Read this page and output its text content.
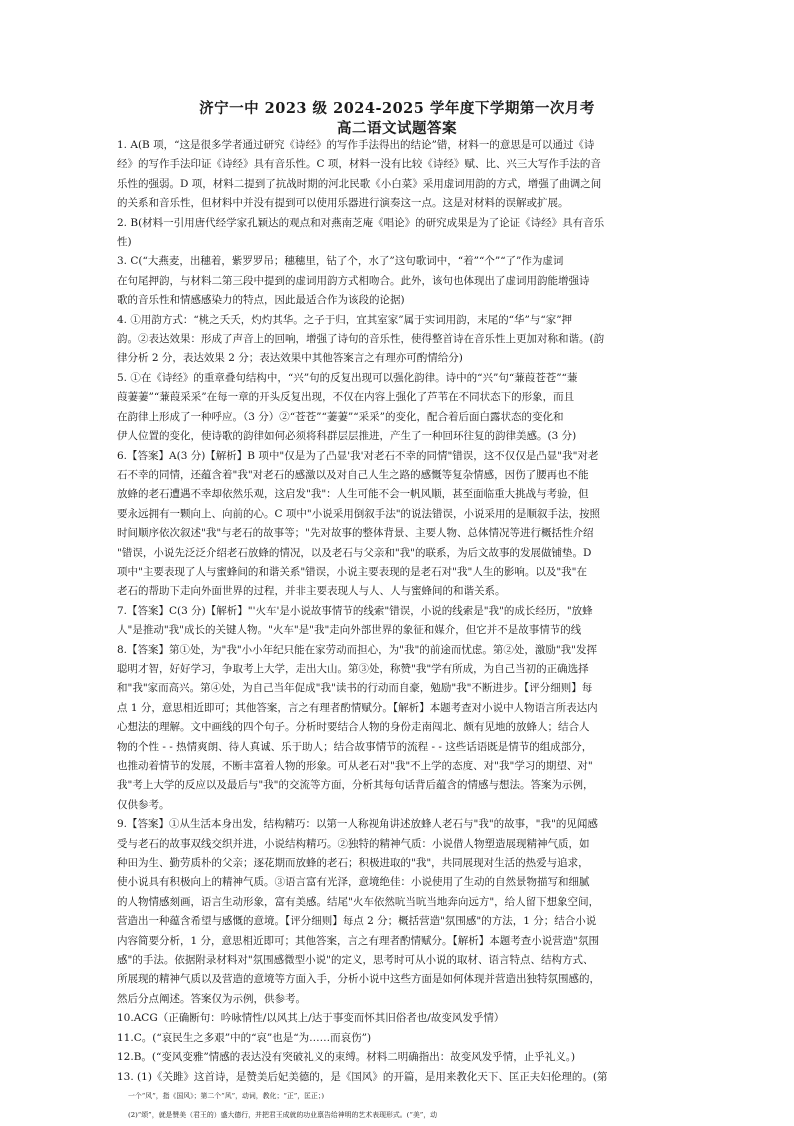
济宁一中 2023 级 2024-2025 学年度下学期第一次月考
高二语文试题答案
1. A(B 项，“这是很多学者通过研究《诗经》的写作手法得出的结论”错，材料一的意思是可以通过《诗
经》的写作手法印证《诗经》具有音乐性。C 项，材料一没有比较《诗经》赋、比、兴三大写作手法的音
乐性的强弱。D 项，材料二提到了抗战时期的河北民歌《小白菜》采用虚词用韵的方式，增强了曲调之间
的关系和音乐性，但材料中并没有提到可以使用乐器进行演奏这一点。这是对材料的误解或扩展。
2. B(材料一引用唐代经学家孔颖达的观点和对燕南芝庵《唱论》的研究成果是为了论证《诗经》具有音乐
性)
3. C(“大燕麦，出穗着，紫罗罗吊；穗穗里，钻了个，水了”这句歌词中，“着”“个”“了”作为虚词
在句尾押韵，与材料二第三段中提到的虚词用韵方式相吻合。此外，该句也体现出了虚词用韵能增强诗
歌的音乐性和情感感染力的特点，因此最适合作为该段的论据)
4. ①用韵方式：“桃之夭夭，灼灼其华。之子于归，宜其室家”属于实词用韵，末尾的“华”与“家”押
韵。②表达效果：形成了声音上的回响，增强了诗句的音乐性，使得整首诗在音乐性上更加对称和谐。(韵
律分析 2 分，表达效果 2 分；表达效果中其他答案言之有理亦可酌情给分)
5. ①在《诗经》的重章叠句结构中，“兴”句的反复出现可以强化韵律。诗中的“兴”句“蒹葭苍苍”“蒹
葭萋萋”“蒹葭采采”在每一章的开头反复出现，不仅在内容上强化了芦苇在不同状态下的形象，而且
在韵律上形成了一种呼应。（3 分）②“苍苍”“萋萋”“采采”的变化，配合着后面白露状态的变化和
伊人位置的变化，使诗歌的韵律如何必须将科群层层推进，产生了一种回环往复的韵律美感。(3 分)
6.【答案】A(3 分)【解析】B 项中"仅是为了凸显'我'对老石不幸的同情"错误，这不仅仅是凸显"我"对老
石不幸的同情，还蕴含着"我"对老石的感激以及对自己人生之路的感慨等复杂情感，因伤了腰再也不能
放蜂的老石遭遇不幸却依然乐观，这启发"我"：人生可能不会一帆风顺，甚至面临重大挑战与考验，但
要永远拥有一颗向上、向前的心。C 项中"小说采用倒叙手法"的说法错误，小说采用的是顺叙手法，按照
时间顺序依次叙述"我"与老石的故事等；"先对故事的整体背景、主要人物、总体情况等进行概括性介绍
"错误，小说先泛泛介绍老石放蜂的情况，以及老石与父亲和"我"的联系，为后文故事的发展做铺垫。D
项中"主要表现了人与蜜蜂间的和谐关系"错误，小说主要表现的是老石对"我"人生的影响。以及"我"在
老石的帮助下走向外面世界的过程，并非主要表现人与人、人与蜜蜂间的和谐关系。
7.【答案】C(3 分)【解析】"'火车'是小说故事情节的线索"错误，小说的线索是"我"的成长经历，"放蜂
人"是推动"我"成长的关键人物。"火车"是"我"走向外部世界的象征和媒介，但它并不是故事情节的线
8.【答案】第①处，为"我"小小年纪只能在家劳动而担心，为"我"的前途而忧虑。第②处，激励"我"发挥
聪明才智，好好学习，争取考上大学，走出大山。第③处，称赞"我"学有所成，为自己当初的正确选择
和"我"家而高兴。第④处，为自己当年促成"我"读书的行动而自豪，勉励"我"不断进步。【评分细则】每
点 1 分，意思相近即可；其他答案，言之有理者酌情赋分。【解析】本题考查对小说中人物语言所表达内
心想法的理解。文中画线的四个句子。分析时要结合人物的身份走南闯北、颇有见地的放蜂人；结合人
物的个性 - - 热情爽朗、待人真诚、乐于助人；结合故事情节的流程 - - 这些话语既是情节的组成部分，
也推动着情节的发展，不断丰富着人物的形象。可从老石对"我"不上学的态度、对"我"学习的期望、对"
我"考上大学的反应以及最后与"我"的交流等方面，分析其每句话背后蕴含的情感与想法。答案为示例，
仅供参考。
9.【答案】①从生活本身出发，结构精巧：以第一人称视角讲述放蜂人老石与"我"的故事，"我"的见闻感
受与老石的故事双线交织并进，小说结构精巧。②独特的精神气质：小说借人物塑造展现精神气质，如
种田为生、勤劳质朴的父亲；逐花期而放蜂的老石；积极进取的"我"，共同展现对生活的热爱与追求，
使小说具有积极向上的精神气质。③语言富有光泽，意境绝佳：小说使用了生动的自然景物描写和细腻
的人物情感刻画，语言生动形象，富有美感。结尾"火车依然吭当吭当地奔向远方"，给人留下想象空间，
营造出一种蕴含希望与感慨的意境。【评分细则】每点 2 分；概括营造"氛围感"的方法，1 分；结合小说
内容简要分析，1 分，意思相近即可；其他答案，言之有理者酌情赋分。【解析】本题考查小说营造"氛围
感"的手法。依据附录材料对"氛围感微型小说"的定义，思考时可从小说的取材、语言特点、结构方式、
所展现的精神气质以及营造的意境等方面入手，分析小说中这些方面是如何体现并营造出独特氛围感的，
然后分点阐述。答案仅为示例，供参考。
10.ACG（正确断句：吟咏情性/以风其上/达于事变而怀其旧俗者也/故变风发乎情）
11.C。(“哀民生之多艰”中的“哀”也是“为……而哀伤”)
12.B。(“变风变雅”情感的表达没有突破礼义的束缚。材料二明确指出：故变风发乎情，止乎礼义。)
13. (1)《关雎》这首诗，是赞美后妃美德的，是《国风》的开篇，是用来教化天下、匡正夫妇伦理的。(第
一个“风”，指《国风》；第二个“风”，动词，教化；“正”，匡正；)
(2)“颂”，就是赞美（君王的）盛大德行，并把君王成就的功业禀告给神明的艺术表现形式。(“美”，动
